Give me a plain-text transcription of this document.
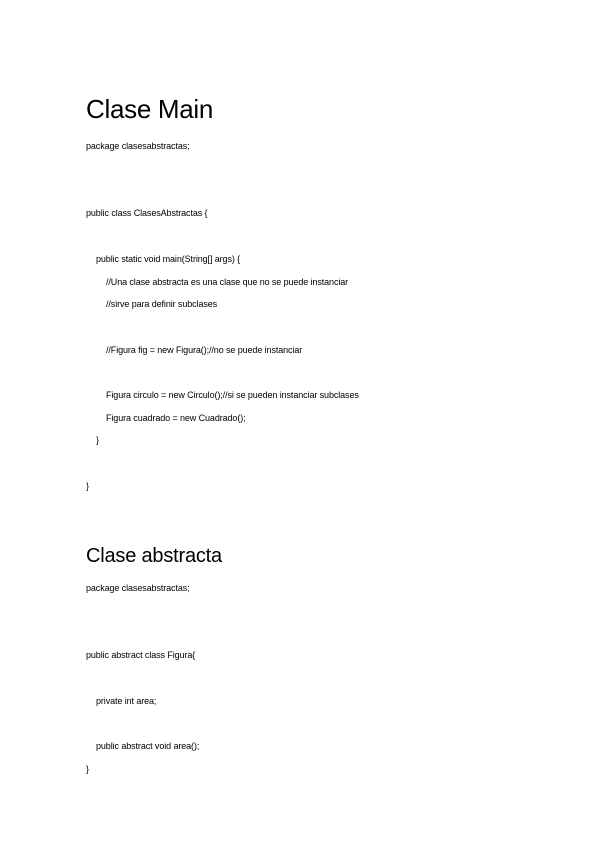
Clase Main
package clasesabstractas;
public class ClasesAbstractas {
public static void main(String[] args) {
//Una clase abstracta es una clase que no se puede instanciar
//sirve para definir subclases
//Figura fig = new Figura();//no se puede instanciar
Figura circulo = new Circulo();//si se pueden instanciar subclases
Figura cuadrado = new Cuadrado();
}
}
Clase abstracta
package clasesabstractas;
public abstract class Figura{
private int area;
public abstract void area();
}
